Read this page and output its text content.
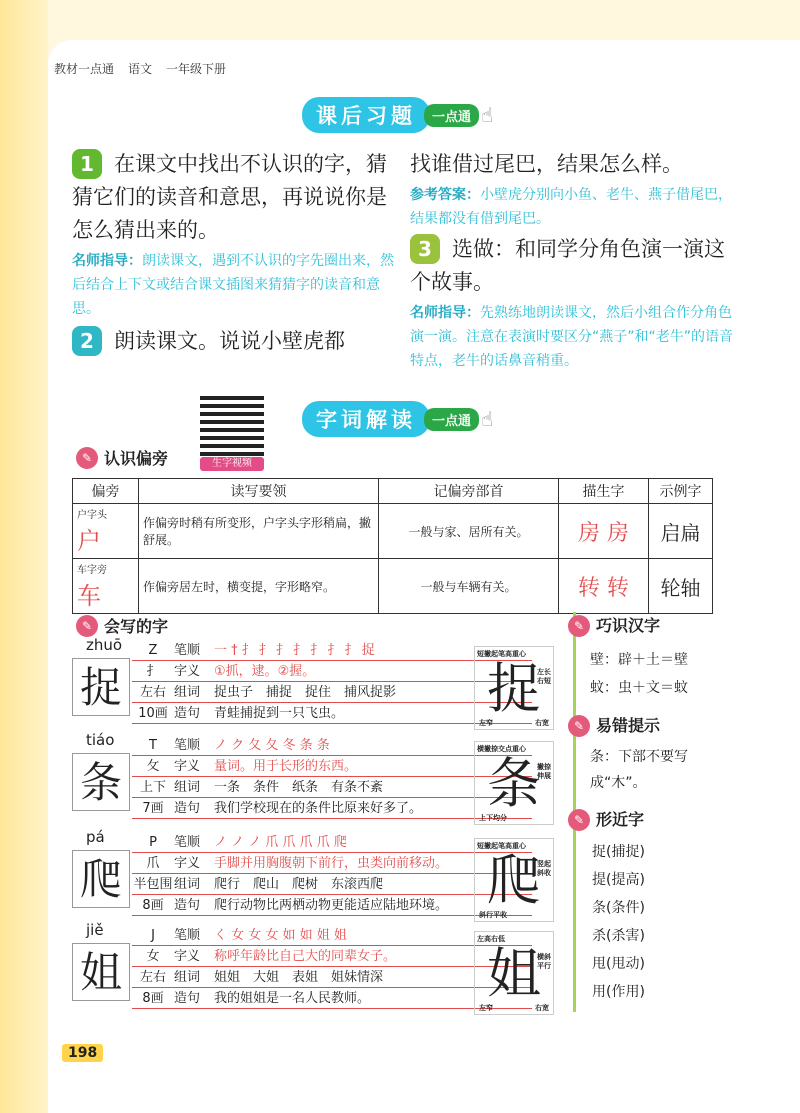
教材一点通 语文 一年级下册
课后习题	一点通 ☝
1 在课文中找出不认识的字，猜猜它们的读音和意思，再说说你是怎么猜出来的。
名师指导：朗读课文，遇到不认识的字先圈出来，然后结合上下文或结合课文插图来猜猜字的读音和意思。
2 朗读课文。说说小壁虎都
找谁借过尾巴，结果怎么样。
参考答案：小壁虎分别向小鱼、老牛、燕子借尾巴，结果都没有借到尾巴。
3 选做：和同学分角色演一演这个故事。
名师指导：先熟练地朗读课文，然后小组合作分角色演一演。注意在表演时要区分“燕子”和“老牛”的语音特点，老牛的话鼻音稍重。
生字视频
字词解读	一点通 ☝
✎ 认识偏旁
偏旁	读写要领	记偏旁部首	描生字	示例字
户字头 户	作偏旁时稍有所变形，户字头字形稍扁，撇舒展。	一般与家、居所有关。	房 房	启扁
车字旁 车	作偏旁居左时，横变提，字形略窄。	一般与车辆有关。	转 转	轮轴
✎ 会写的字
zhuō
捉
Z	笔顺	一 † 扌 扌 扌 扌 扌 扌 扌 捉
扌	字义	①抓，逮。②握。
左右 组词	捉虫子　捕捉　捉住　捕风捉影
10画 造句	青蛙捕捉到一只飞虫。	捉
短撇起笔高重心
左长右短
左窄	右宽
tiáo
条
T	笔顺	ノ ク 夂 夂 冬 条 条
攵	字义	量词。用于长形的东西。
上下 组词	一条　条件　纸条　有条不紊
7画 造句	我们学校现在的条件比原来好多了。	条
横撇捺交点重心
撇捺伸展
上下均分
pá
爬
P	笔顺	ノ ノ ノ 爪 爪 爪 爪 爬
爪	字义	手脚并用胸腹朝下前行，虫类向前移动。
半包围 组词	爬行　爬山　爬树　东滚西爬
8画 造句	爬行动物比两栖动物更能适应陆地环境。 爬
短撇起笔高重心
竖起斜收
斜行平收
jiě
姐
J	笔顺	く 女 女 女 如 如 姐 姐
女	字义	称呼年龄比自己大的同辈女子。
左右 组词	姐姐　大姐　表姐　姐妹情深
8画 造句	我的姐姐是一名人民教师。	姐
左高右低
横斜平行
左窄	右宽
✎ 巧识汉字
壁：辟＋土＝壁
蚊：虫＋文＝蚊
✎ 易错提示
条：下部不要写成“木”。
✎ 形近字
捉(捕捉)
提(提高)
条(条件)
杀(杀害)
甩(甩动)
用(作用)
198
